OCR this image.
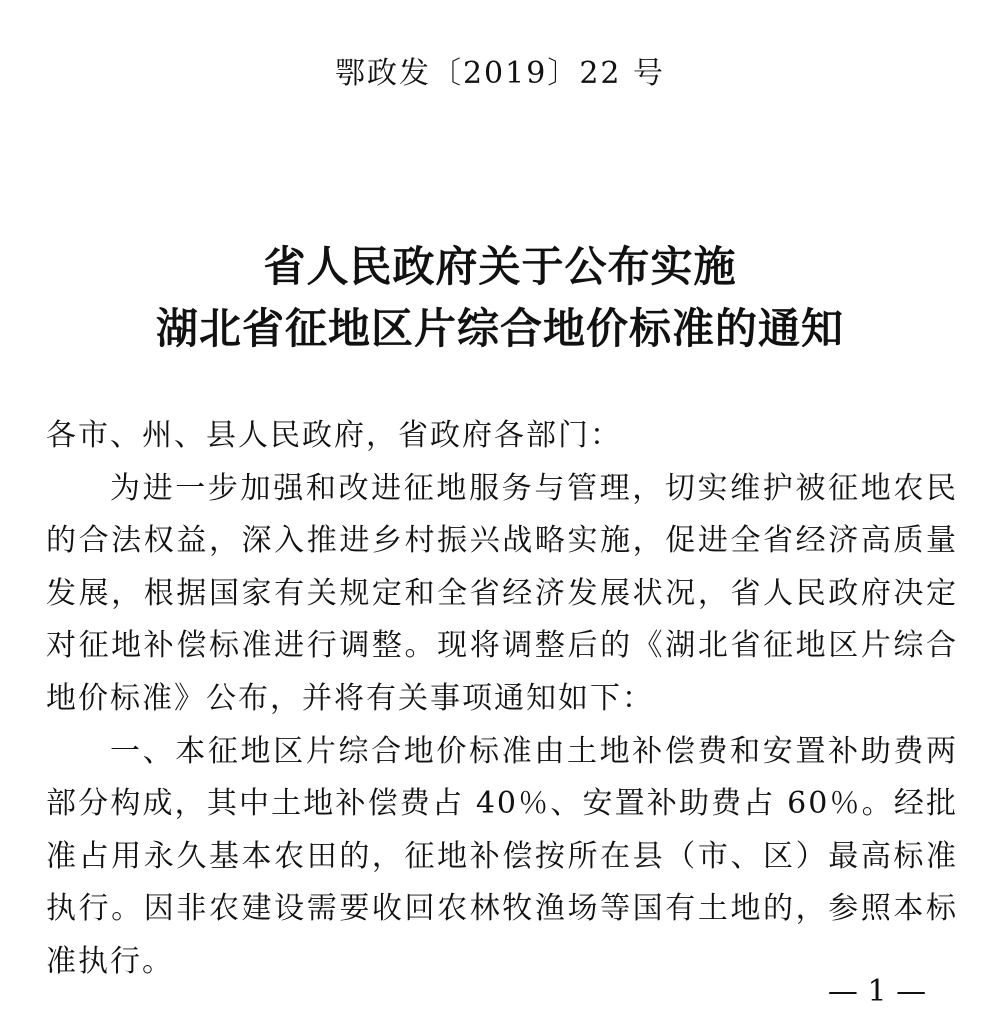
鄂政发〔2019〕22 号
省人民政府关于公布实施
湖北省征地区片综合地价标准的通知

各市、州、县人民政府，省政府各部门：

为进一步加强和改进征地服务与管理，切实维护被征地农民的合法权益，深入推进乡村振兴战略实施，促进全省经济高质量发展，根据国家有关规定和全省经济发展状况，省人民政府决定对征地补偿标准进行调整。现将调整后的《湖北省征地区片综合地价标准》公布，并将有关事项通知如下：

一、本征地区片综合地价标准由土地补偿费和安置补助费两部分构成，其中土地补偿费占 40％、安置补助费占 60％。经批准占用永久基本农田的，征地补偿按所在县（市、区）最高标准执行。因非农建设需要收回农林牧渔场等国有土地的，参照本标准执行。

— 1 —
